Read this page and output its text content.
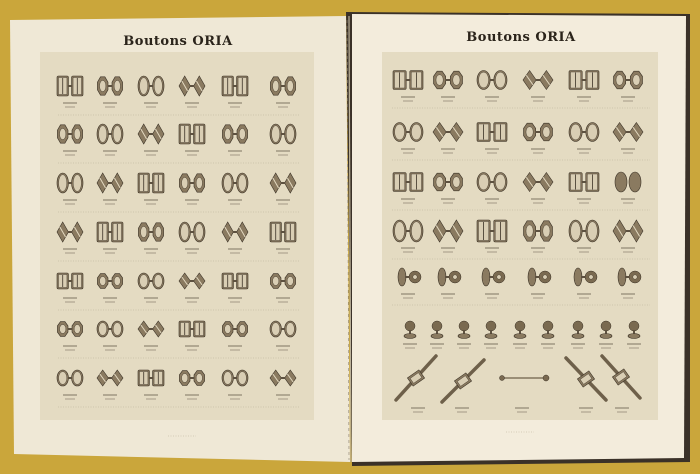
Boutons ORIA	Boutons ORIA
